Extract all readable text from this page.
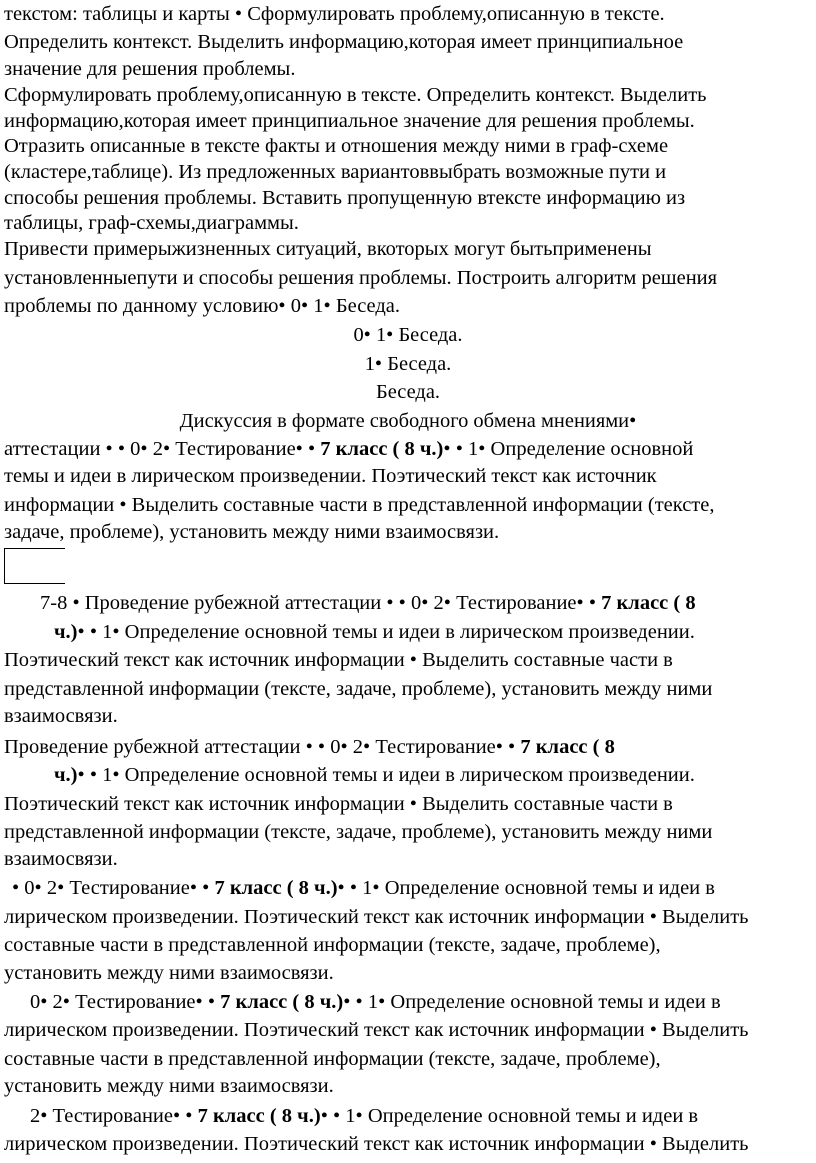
текстом: таблицы и карты • Сформулировать проблему,описанную в тексте.
Определить контекст. Выделить информацию,которая имеет принципиальное
значение для решения проблемы.
Сформулировать проблему,описанную в тексте. Определить контекст. Выделить
информацию,которая имеет принципиальное значение для решения проблемы.
Отразить описанные в тексте факты и отношения между ними в граф-схеме
(кластере,таблице). Из предложенных вариантоввыбрать возможные пути и
способы решения проблемы. Вставить пропущенную втексте информацию из
таблицы, граф-схемы,диаграммы.
Привести примерыжизненных ситуаций, вкоторых могут бытьприменены
установленныепути и способы решения проблемы. Построить алгоритм решения
проблемы по данному условию• 0• 1• Беседа.
0• 1• Беседа.
1• Беседа.
Беседа.
Дискуссия в формате свободного обмена мнениями•
аттестации • • 0• 2• Тестирование• • 7 класс ( 8 ч.)• • 1• Определение основной
темы и идеи в лирическом произведении. Поэтический текст как источник
информации • Выделить составные части в представленной информации (тексте,
задаче, проблеме), установить между ними взаимосвязи.
7-8 • Проведение рубежной аттестации • • 0• 2• Тестирование• • 7 класс ( 8
ч.)• • 1• Определение основной темы и идеи в лирическом произведении.
Поэтический текст как источник информации • Выделить составные части в
представленной информации (тексте, задаче, проблеме), установить между ними
взаимосвязи.
Проведение рубежной аттестации • • 0• 2• Тестирование• • 7 класс ( 8
ч.)• • 1• Определение основной темы и идеи в лирическом произведении.
Поэтический текст как источник информации • Выделить составные части в
представленной информации (тексте, задаче, проблеме), установить между ними
взаимосвязи.
• 0• 2• Тестирование• • 7 класс ( 8 ч.)• • 1• Определение основной темы и идеи в
лирическом произведении. Поэтический текст как источник информации • Выделить
составные части в представленной информации (тексте, задаче, проблеме),
установить между ними взаимосвязи.
0• 2• Тестирование• • 7 класс ( 8 ч.)• • 1• Определение основной темы и идеи в
лирическом произведении. Поэтический текст как источник информации • Выделить
составные части в представленной информации (тексте, задаче, проблеме),
установить между ними взаимосвязи.
2• Тестирование• • 7 класс ( 8 ч.)• • 1• Определение основной темы и идеи в
лирическом произведении. Поэтический текст как источник информации • Выделить
